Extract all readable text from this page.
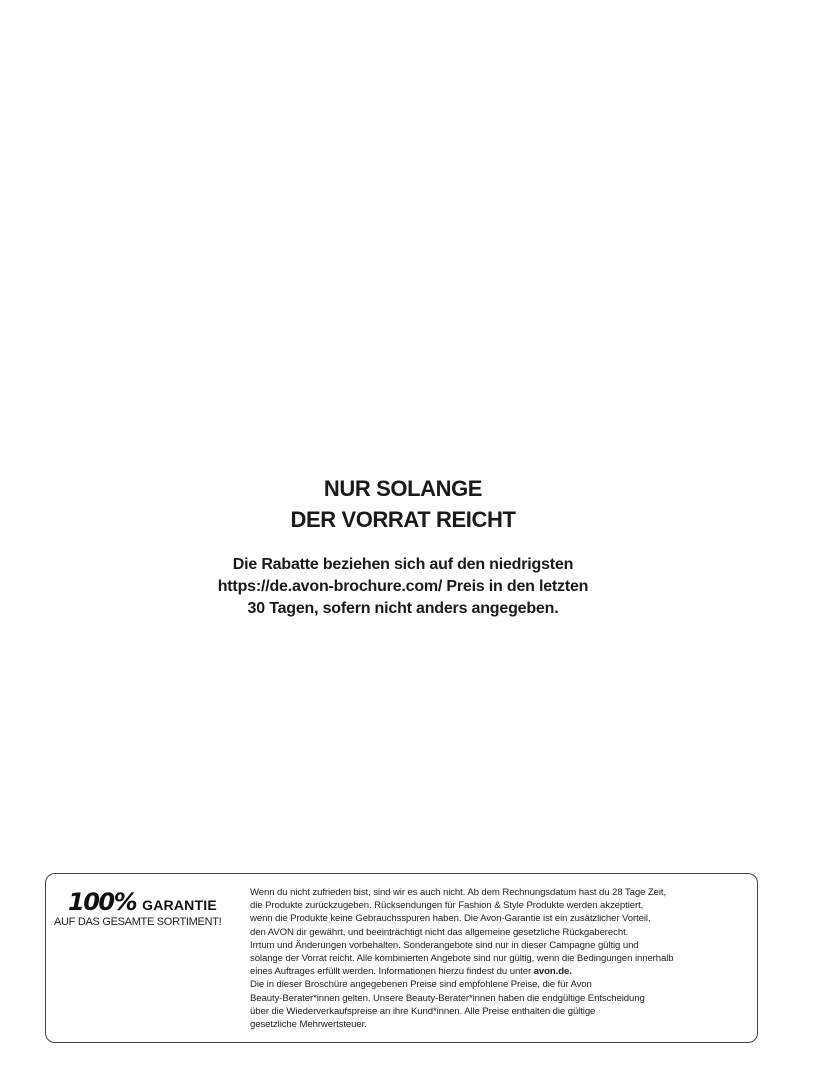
NUR SOLANGE
DER VORRAT REICHT
Die Rabatte beziehen sich auf den niedrigsten
https://de.avon-brochure.com/ Preis in den letzten
30 Tagen, sofern nicht anders angegeben.
100% GARANTIE
AUF DAS GESAMTE SORTIMENT!
Wenn du nicht zufrieden bist, sind wir es auch nicht. Ab dem Rechnungsdatum hast du 28 Tage Zeit,
die Produkte zurückzugeben. Rücksendungen für Fashion & Style Produkte werden akzeptiert,
wenn die Produkte keine Gebrauchsspuren haben. Die Avon-Garantie ist ein zusätzlicher Vorteil,
den AVON dir gewährt, und beeinträchtigt nicht das allgemeine gesetzliche Rückgaberecht.
Irrtum und Änderungen vorbehalten. Sonderangebote sind nur in dieser Campagne gültig und
solange der Vorrat reicht. Alle kombinierten Angebote sind nur gültig, wenn die Bedingungen innerhalb
eines Auftrages erfüllt werden. Informationen hierzu findest du unter avon.de.
Die in dieser Broschüre angegebenen Preise sind empfohlene Preise, die für Avon
Beauty-Berater*innen gelten. Unsere Beauty-Berater*innen haben die endgültige Entscheidung
über die Wiederverkaufspreise an ihre Kund*innen. Alle Preise enthalten die gültige
gesetzliche Mehrwertsteuer.
